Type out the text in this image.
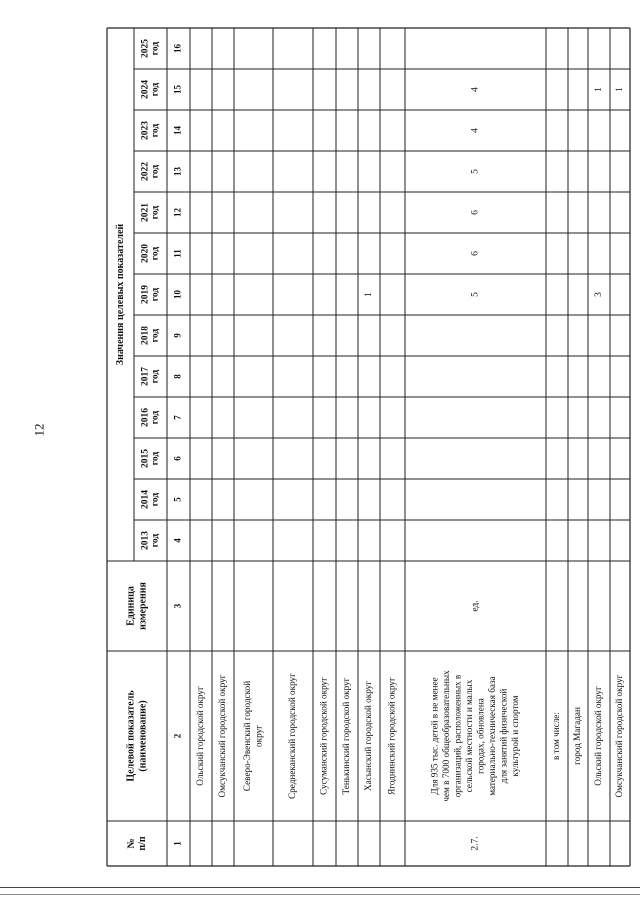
12
№ п/п
Целевой показатель (наименование)
Единица измерения
Значения целевых показателей
2013 год
2014 год
2015 год
2016 год
2017 год
2018 год
2019 год
2020 год
2021 год
2022 год
2023 год
2024 год
2025 год
1
2
3
4
5
6
7
8
9
10
11
12
13
14
15
16
Ольский городской округ Омсукчанский городской округ Северо-Эвенский городской округ	Среднеканский городской округ Сусуманский городской округ Тенькинский городской округ Хасынский городской округ
1
Ягоднинский городской округ
2.7.
Для 935 тыс. детей в не менее чем в 7000 общеобразовательных организаций, расположенных в сельской местности и малых городах, обновлена материально-техническая база для занятий физической культурой и спортом
ед.
5
6
6
5
4
4
в том числе: город Магадан Ольский городской округ
3
1
Омсукчанский городской округ
1
